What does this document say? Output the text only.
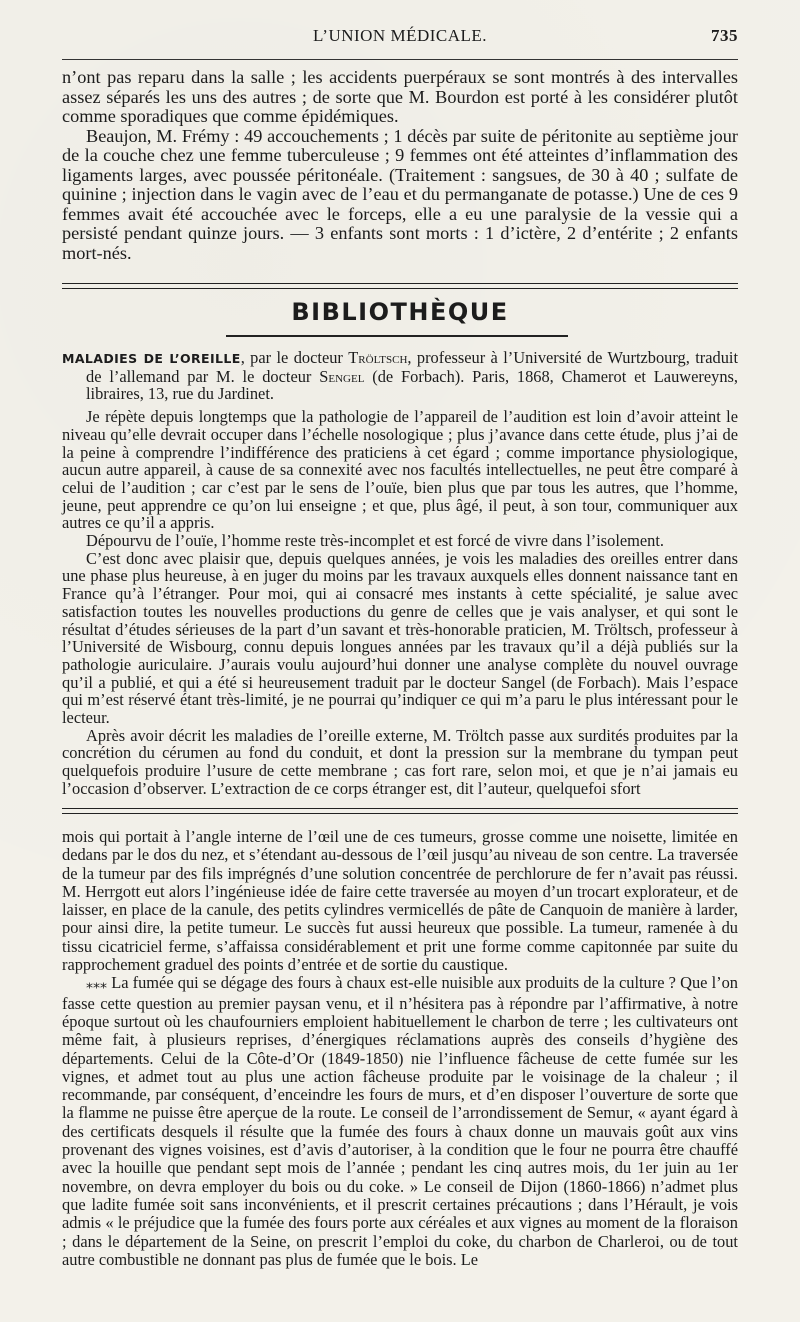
L’UNION MÉDICALE.	735

n’ont pas reparu dans la salle ; les accidents puerpéraux se sont montrés à des intervalles assez séparés les uns des autres ; de sorte que M. Bourdon est porté à les considérer plutôt comme sporadiques que comme épidémiques.

Beaujon, M. Frémy : 49 accouchements ; 1 décès par suite de péritonite au septième jour de la couche chez une femme tuberculeuse ; 9 femmes ont été atteintes d’inflammation des ligaments larges, avec poussée péritonéale. (Traitement : sangsues, de 30 à 40 ; sulfate de quinine ; injection dans le vagin avec de l’eau et du permanganate de potasse.) Une de ces 9 femmes avait été accouchée avec le forceps, elle a eu une paralysie de la vessie qui a persisté pendant quinze jours. — 3 enfants sont morts : 1 d’ictère, 2 d’entérite ; 2 enfants mort-nés.

BIBLIOTHÈQUE

MALADIES DE L’OREILLE, par le docteur Tröltsch, professeur à l’Université de Wurtzbourg, traduit de l’allemand par M. le docteur Sengel (de Forbach). Paris, 1868, Chamerot et Lauwereyns, libraires, 13, rue du Jardinet.

Je répète depuis longtemps que la pathologie de l’appareil de l’audition est loin d’avoir atteint le niveau qu’elle devrait occuper dans l’échelle nosologique ; plus j’avance dans cette étude, plus j’ai de la peine à comprendre l’indifférence des praticiens à cet égard ; comme importance physiologique, aucun autre appareil, à cause de sa connexité avec nos facultés intellectuelles, ne peut être comparé à celui de l’audition ; car c’est par le sens de l’ouïe, bien plus que par tous les autres, que l’homme, jeune, peut apprendre ce qu’on lui enseigne ; et que, plus âgé, il peut, à son tour, communiquer aux autres ce qu’il a appris.

Dépourvu de l’ouïe, l’homme reste très-incomplet et est forcé de vivre dans l’isolement.

C’est donc avec plaisir que, depuis quelques années, je vois les maladies des oreilles entrer dans une phase plus heureuse, à en juger du moins par les travaux auxquels elles donnent naissance tant en France qu’à l’étranger. Pour moi, qui ai consacré mes instants à cette spécialité, je salue avec satisfaction toutes les nouvelles productions du genre de celles que je vais analyser, et qui sont le résultat d’études sérieuses de la part d’un savant et très-honorable praticien, M. Tröltsch, professeur à l’Université de Wisbourg, connu depuis longues années par les travaux qu’il a déjà publiés sur la pathologie auriculaire. J’aurais voulu aujourd’hui donner une analyse complète du nouvel ouvrage qu’il a publié, et qui a été si heureusement traduit par le docteur Sangel (de Forbach). Mais l’espace qui m’est réservé étant très-limité, je ne pourrai qu’indiquer ce qui m’a paru le plus intéressant pour le lecteur.

Après avoir décrit les maladies de l’oreille externe, M. Tröltch passe aux surdités produites par la concrétion du cérumen au fond du conduit, et dont la pression sur la membrane du tympan peut quelquefois produire l’usure de cette membrane ; cas fort rare, selon moi, et que je n’ai jamais eu l’occasion d’observer. L’extraction de ce corps étranger est, dit l’auteur, quelquefoi sfort

mois qui portait à l’angle interne de l’œil une de ces tumeurs, grosse comme une noisette, limitée en dedans par le dos du nez, et s’étendant au-dessous de l’œil jusqu’au niveau de son centre. La traversée de la tumeur par des fils imprégnés d’une solution concentrée de perchlorure de fer n’avait pas réussi. M. Herrgott eut alors l’ingénieuse idée de faire cette traversée au moyen d’un trocart explorateur, et de laisser, en place de la canule, des petits cylindres vermicellés de pâte de Canquoin de manière à larder, pour ainsi dire, la petite tumeur. Le succès fut aussi heureux que possible. La tumeur, ramenée à du tissu cicatriciel ferme, s’affaissa considérablement et prit une forme comme capitonnée par suite du rapprochement graduel des points d’entrée et de sortie du caustique.

⁎⁎⁎ La fumée qui se dégage des fours à chaux est-elle nuisible aux produits de la culture ? Que l’on fasse cette question au premier paysan venu, et il n’hésitera pas à répondre par l’affirmative, à notre époque surtout où les chaufourniers emploient habituellement le charbon de terre ; les cultivateurs ont même fait, à plusieurs reprises, d’énergiques réclamations auprès des conseils d’hygiène des départements. Celui de la Côte-d’Or (1849-1850) nie l’influence fâcheuse de cette fumée sur les vignes, et admet tout au plus une action fâcheuse produite par le voisinage de la chaleur ; il recommande, par conséquent, d’enceindre les fours de murs, et d’en disposer l’ouverture de sorte que la flamme ne puisse être aperçue de la route. Le conseil de l’arrondissement de Semur, « ayant égard à des certificats desquels il résulte que la fumée des fours à chaux donne un mauvais goût aux vins provenant des vignes voisines, est d’avis d’autoriser, à la condition que le four ne pourra être chauffé avec la houille que pendant sept mois de l’année ; pendant les cinq autres mois, du 1er juin au 1er novembre, on devra employer du bois ou du coke. » Le conseil de Dijon (1860-1866) n’admet plus que ladite fumée soit sans inconvénients, et il prescrit certaines précautions ; dans l’Hérault, je vois admis « le préjudice que la fumée des fours porte aux céréales et aux vignes au moment de la floraison ; dans le département de la Seine, on prescrit l’emploi du coke, du charbon de Charleroi, ou de tout autre combustible ne donnant pas plus de fumée que le bois. Le
